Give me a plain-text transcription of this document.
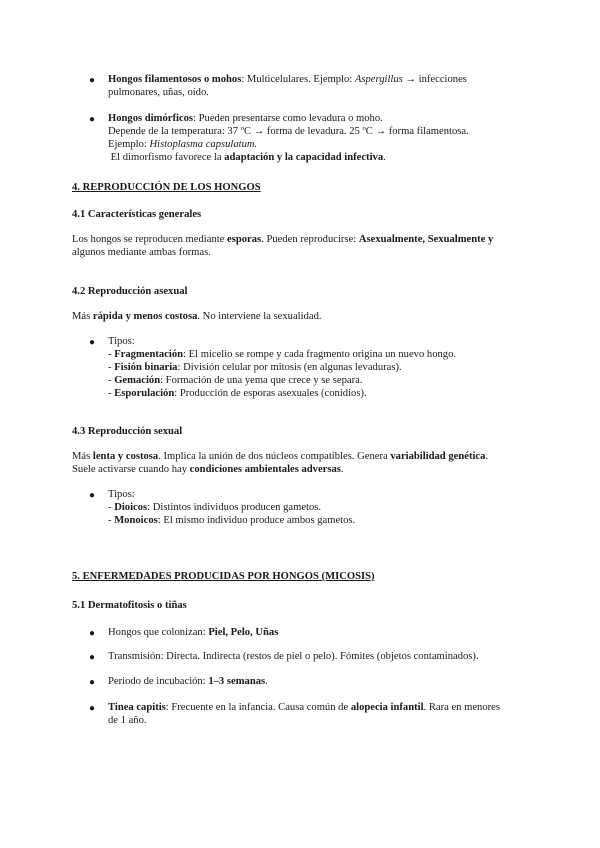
●	Hongos filamentosos o mohos: Multicelulares. Ejemplo: Aspergillus → infecciones
pulmonares, uñas, oído.
●	Hongos dimórficos: Pueden presentarse como levadura o moho.
Depende de la temperatura: 37 ºC → forma de levadura. 25 ºC → forma filamentosa.
Ejemplo: Histoplasma capsulatum.
El dimorfismo favorece la adaptación y la capacidad infectiva.
4. REPRODUCCIÓN DE LOS HONGOS
4.1 Características generales
Los hongos se reproducen mediante esporas. Pueden reproducirse: Asexualmente, Sexualmente y
algunos mediante ambas formas.
4.2 Reproducción asexual
Más rápida y menos costosa. No interviene la sexualidad.
●	Tipos:
- Fragmentación: El micelio se rompe y cada fragmento origina un nuevo hongo.
- Fisión binaria: División celular por mitosis (en algunas levaduras).
- Gemación: Formación de una yema que crece y se separa.
- Esporulación: Producción de esporas asexuales (conidios).
4.3 Reproducción sexual
Más lenta y costosa. Implica la unión de dos núcleos compatibles. Genera variabilidad genética.
Suele activarse cuando hay condiciones ambientales adversas.
●	Tipos:
- Dioicos: Distintos individuos producen gametos.
- Monoicos: El mismo individuo produce ambos gametos.
5. ENFERMEDADES PRODUCIDAS POR HONGOS (MICOSIS)
5.1 Dermatofitosis o tiñas
●	Hongos que colonizan: Piel, Pelo, Uñas
●	Transmisión: Directa. Indirecta (restos de piel o pelo). Fómites (objetos contaminados).
●	Periodo de incubación: 1–3 semanas.
●	Tinea capitis: Frecuente en la infancia. Causa común de alopecia infantil. Rara en menores
de 1 año.
